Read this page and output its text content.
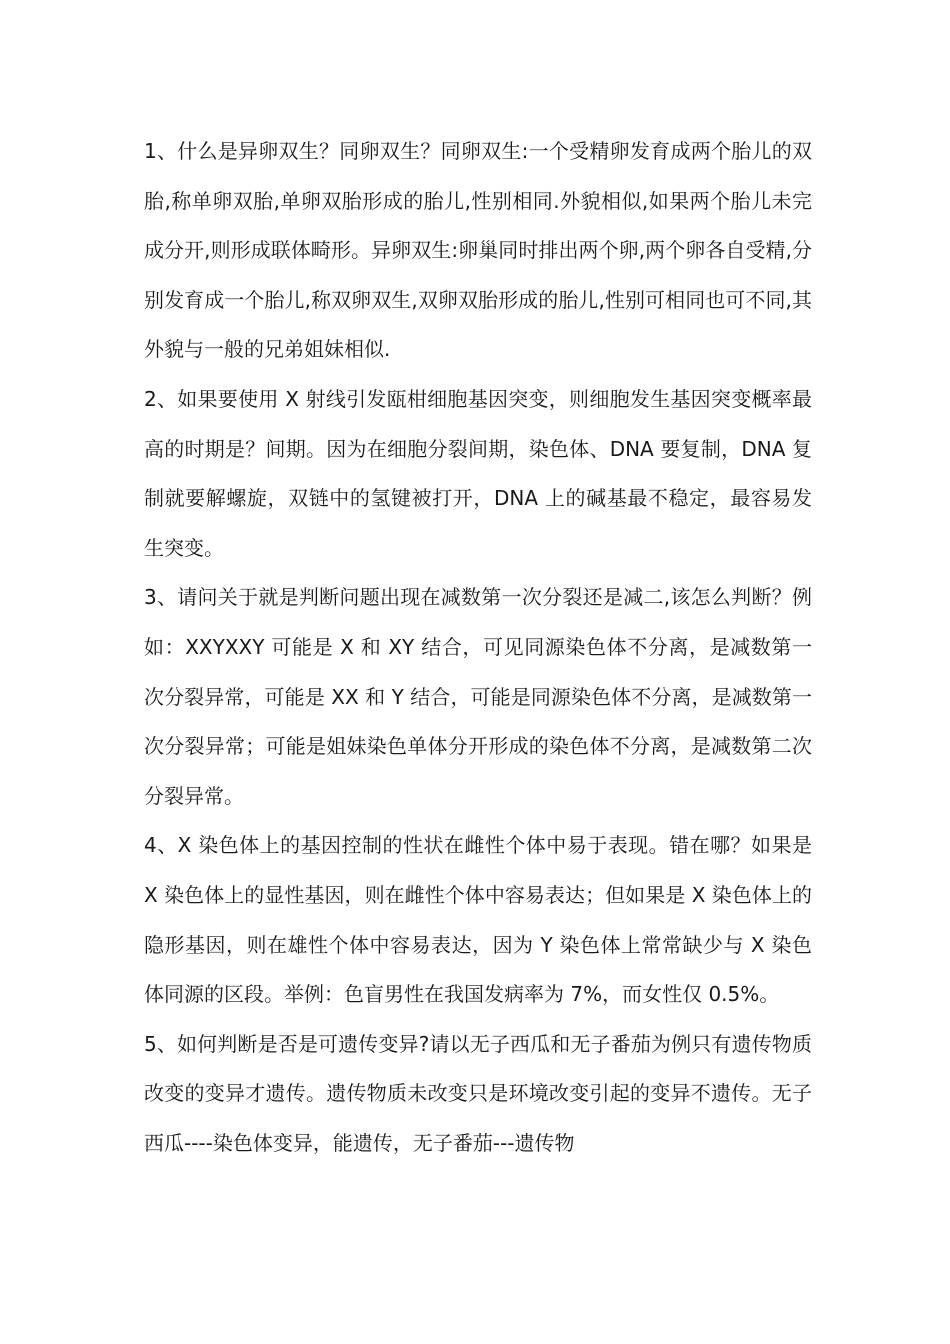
1、什么是异卵双生？同卵双生？同卵双生:一个受精卵发育成两个胎儿的双胎,称单卵双胎,单卵双胎形成的胎儿,性别相同.外貌相似,如果两个胎儿未完成分开,则形成联体畸形。异卵双生:卵巢同时排出两个卵,两个卵各自受精,分别发育成一个胎儿,称双卵双生,双卵双胎形成的胎儿,性别可相同也可不同,其外貌与一般的兄弟姐妹相似.

2、如果要使用 X 射线引发瓯柑细胞基因突变，则细胞发生基因突变概率最高的时期是？间期。因为在细胞分裂间期，染色体、DNA 要复制，DNA 复制就要解螺旋，双链中的氢键被打开，DNA 上的碱基最不稳定，最容易发生突变。

3、请问关于就是判断问题出现在减数第一次分裂还是减二,该怎么判断？例如：XXYXXY 可能是 X 和 XY 结合，可见同源染色体不分离，是减数第一次分裂异常，可能是 XX 和 Y 结合，可能是同源染色体不分离，是减数第一次分裂异常；可能是姐妹染色单体分开形成的染色体不分离，是减数第二次分裂异常。

4、X 染色体上的基因控制的性状在雌性个体中易于表现。错在哪？如果是 X 染色体上的显性基因，则在雌性个体中容易表达；但如果是 X 染色体上的隐形基因，则在雄性个体中容易表达，因为 Y 染色体上常常缺少与 X 染色体同源的区段。举例：色盲男性在我国发病率为 7%，而女性仅 0.5%。

5、如何判断是否是可遗传变异?请以无子西瓜和无子番茄为例只有遗传物质改变的变异才遗传。遗传物质未改变只是环境改变引起的变异不遗传。无子西瓜----染色体变异，能遗传，无子番茄---遗传物
